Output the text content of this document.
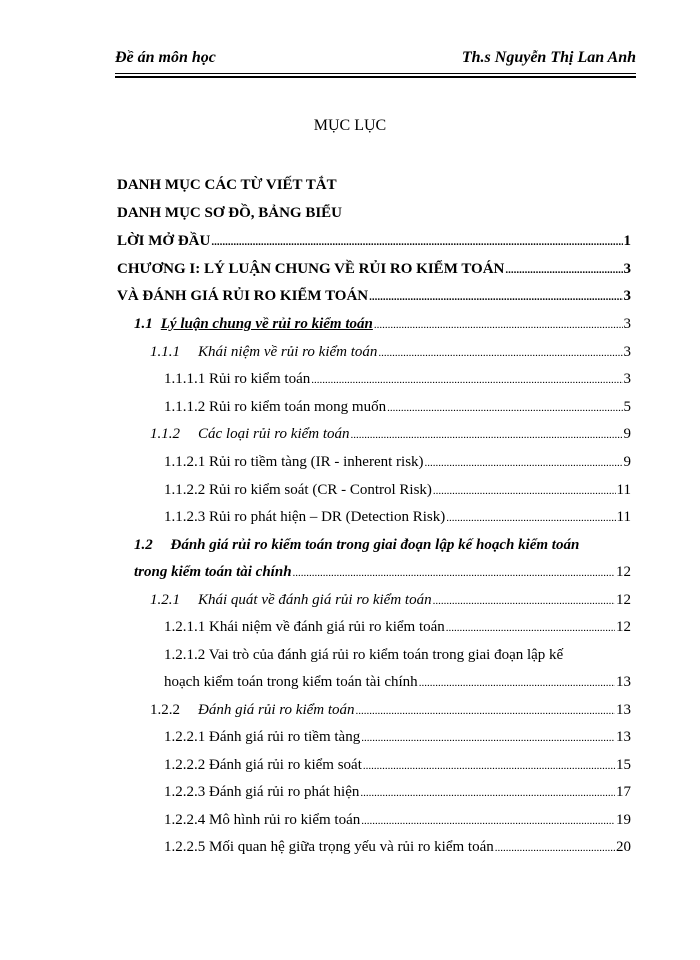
Đề án môn học	Th.s Nguyễn Thị Lan Anh
MỤC LỤC
DANH MỤC CÁC TỪ VIẾT TẮT
DANH MỤC SƠ ĐỒ, BẢNG BIỂU
LỜI MỞ ĐẦU .....	1
CHƯƠNG I: LÝ LUẬN CHUNG VỀ RỦI RO KIỂM TOÁN .....	3
VÀ ĐÁNH GIÁ RỦI RO KIỂM TOÁN .....	3
1.1 Lý luận chung về rủi ro kiểm toán .....	3
1.1.1 Khái niệm về rủi ro kiểm toán .....	3
1.1.1.1 Rủi ro kiểm toán .....	3
1.1.1.2 Rủi ro kiểm toán mong muốn .....	5
1.1.2 Các loại rủi ro kiểm toán .....	9
1.1.2.1 Rủi ro tiềm tàng (IR - inherent risk) .....	9
1.1.2.2 Rủi ro kiểm soát (CR - Control Risk) .....	11
1.1.2.3 Rủi ro phát hiện – DR (Detection Risk) .....	11
1.2 Đánh giá rủi ro kiểm toán trong giai đoạn lập kế hoạch kiểm toán
trong kiểm toán tài chính .....	12
1.2.1 Khái quát về đánh giá rủi ro kiểm toán .....	12
1.2.1.1 Khái niệm về đánh giá rủi ro kiểm toán .....	12
1.2.1.2 Vai trò của đánh giá rủi ro kiểm toán trong giai đoạn lập kế
hoạch kiểm toán trong kiểm toán tài chính .....	13
1.2.2 Đánh giá rủi ro kiểm toán .....	13
1.2.2.1 Đánh giá rủi ro tiềm tàng .....	13
1.2.2.2 Đánh giá rủi ro kiểm soát .....	15
1.2.2.3 Đánh giá rủi ro phát hiện .....	17
1.2.2.4 Mô hình rủi ro kiểm toán .....	19
1.2.2.5 Mối quan hệ giữa trọng yếu và rủi ro kiểm toán .....	20
